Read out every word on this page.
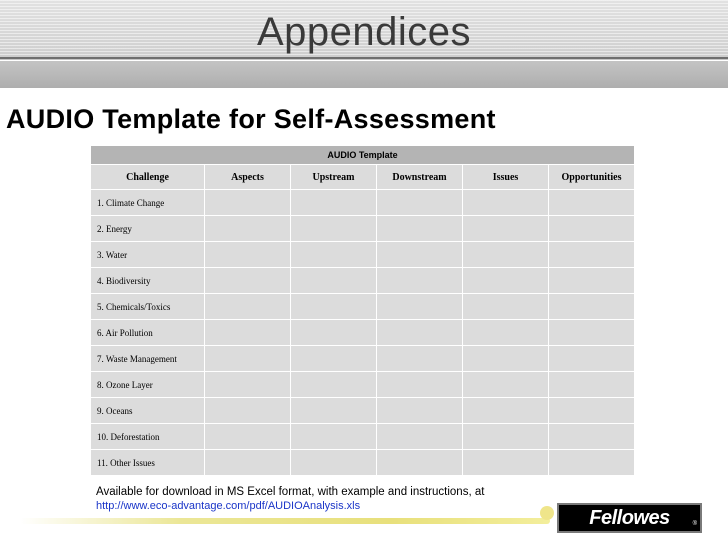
Appendices
AUDIO Template for Self-Assessment
AUDIO Template					
Challenge	Aspects	Upstream	Downstream	Issues	Opportunities
1. Climate Change					
2. Energy					
3. Water					
4. Biodiversity					
5. Chemicals/Toxics					
6. Air Pollution					
7. Waste Management					
8. Ozone Layer					
9. Oceans					
10. Deforestation					
11. Other Issues					
Available for download in MS Excel format, with example and instructions, at
http://www.eco-advantage.com/pdf/AUDIOAnalysis.xls
Fellowes	®
